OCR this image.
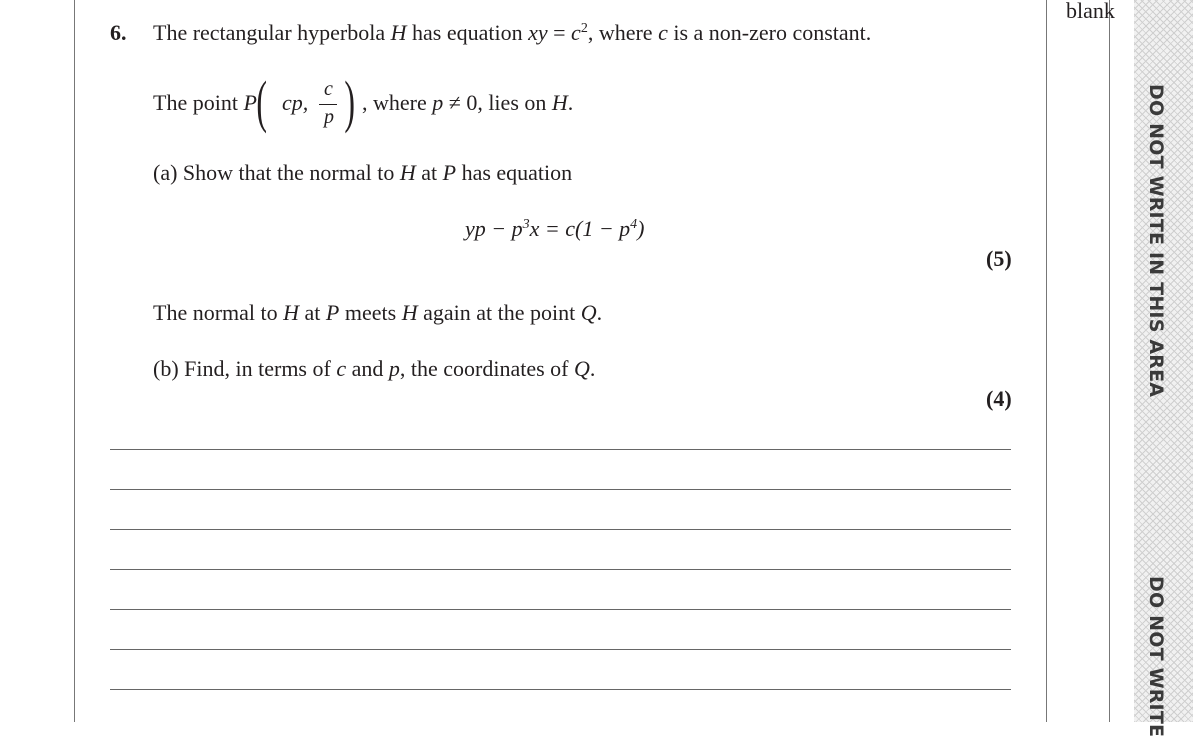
blank
DO NOT WRITE IN THIS AREA
DO NOT WRITE
6. The rectangular hyperbola H has equation xy = $c^2$, where c is a non-zero constant.
The point P ( cp,
c
p ) , where p ≠ 0, lies on H.
(a) Show that the normal to H at P has equation
yp − $p^3x = c(1 - p^4)$
(5)
The normal to H at P meets H again at the point Q.
(b) Find, in terms of c and p, the coordinates of Q.
(4)
